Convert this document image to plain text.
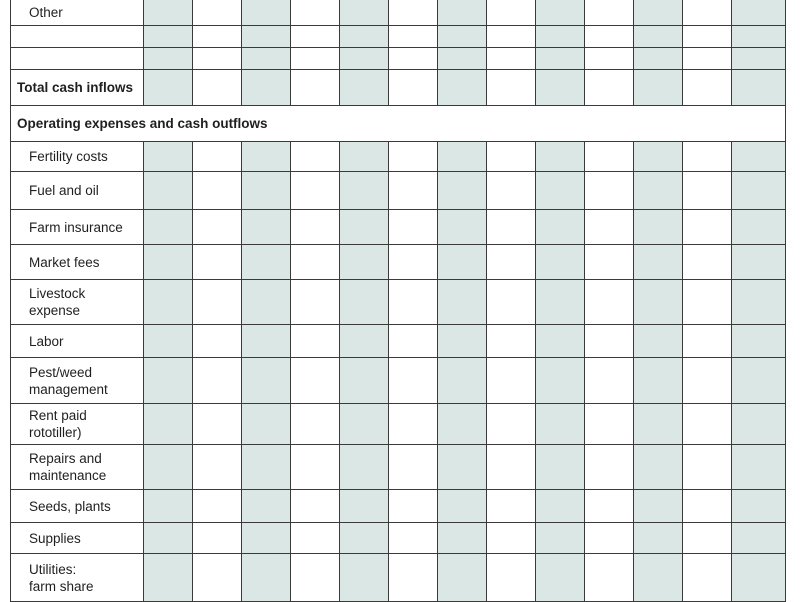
Other
Total cash inflows
Operating expenses and cash outflows
Fertility costs
Fuel and oil
Farm insurance
Market fees
Livestock
expense
Labor
Pest/weed
management
Rent paid
rototiller)
Repairs and
maintenance
Seeds, plants
Supplies
Utilities:
farm share
